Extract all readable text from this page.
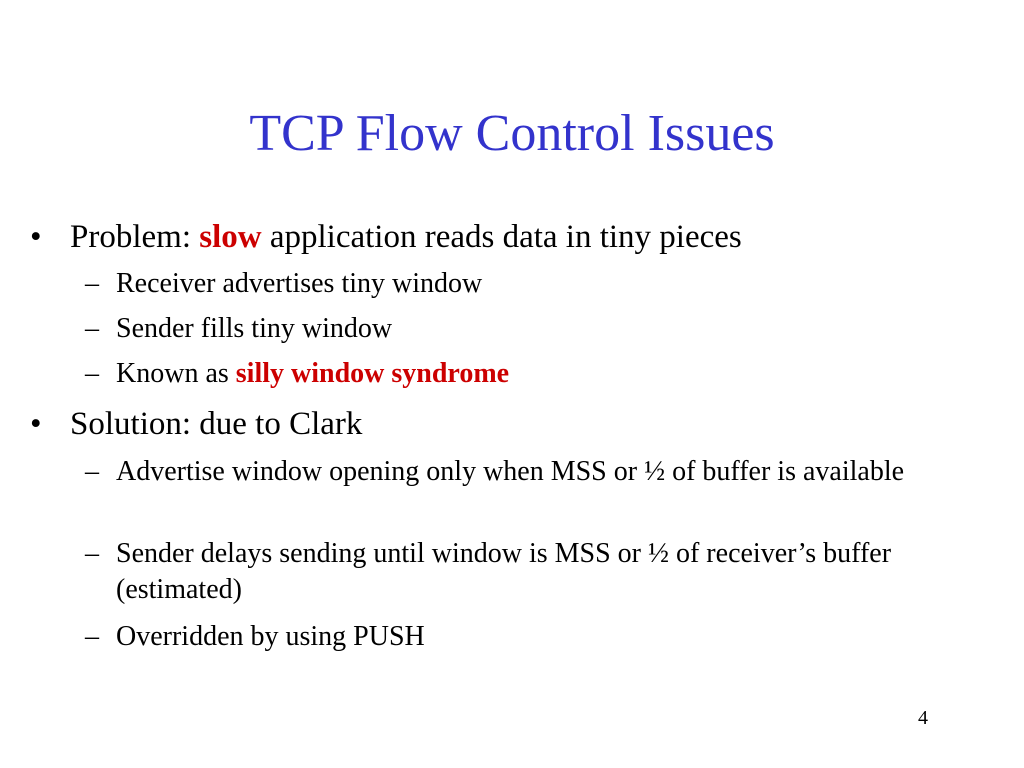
TCP Flow Control Issues
• Problem: slow application reads data in tiny pieces
– Receiver advertises tiny window
– Sender fills tiny window
– Known as silly window syndrome
• Solution: due to Clark
– Advertise window opening only when MSS or ½ of buffer is available
– Sender delays sending until window is MSS or ½ of receiver’s buffer (estimated)
– Overridden by using PUSH
4
